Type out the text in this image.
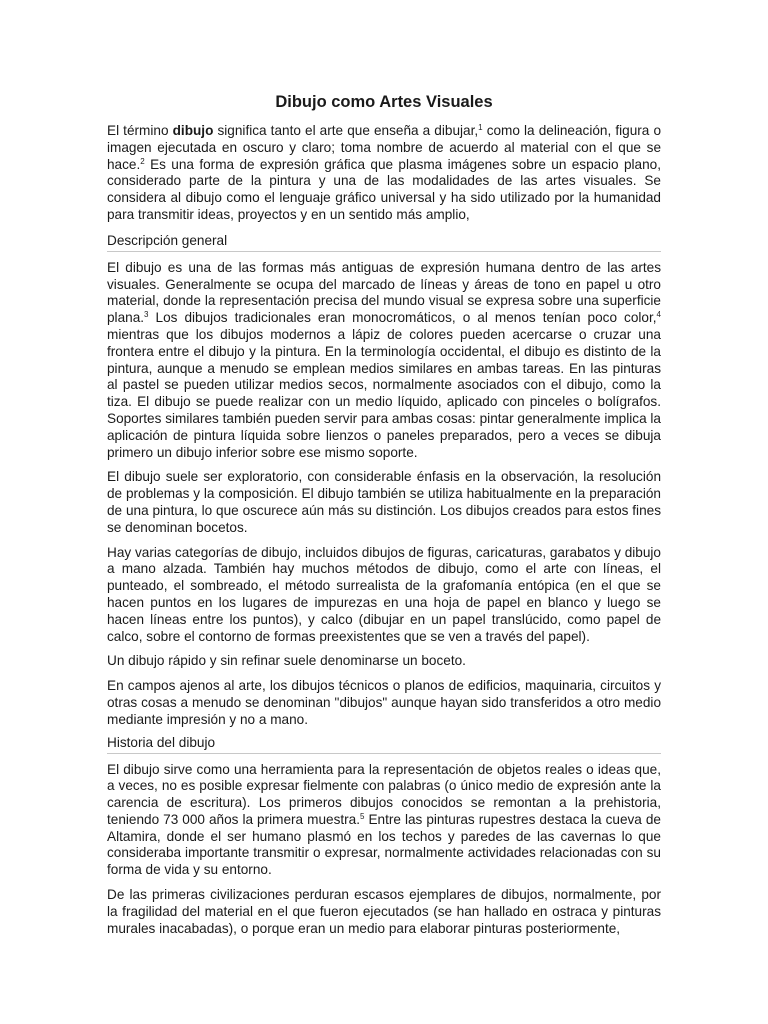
Dibujo como Artes Visuales

El término dibujo significa tanto el arte que enseña a dibujar,$^1$ como la delineación, figura o imagen ejecutada en oscuro y claro; toma nombre de acuerdo al material con el que se hace.$^2$ Es una forma de expresión gráfica que plasma imágenes sobre un espacio plano, considerado parte de la pintura y una de las modalidades de las artes visuales. Se considera al dibujo como el lenguaje gráfico universal y ha sido utilizado por la humanidad para transmitir ideas, proyectos y en un sentido más amplio,

Descripción general

El dibujo es una de las formas más antiguas de expresión humana dentro de las artes visuales. Generalmente se ocupa del marcado de líneas y áreas de tono en papel u otro material, donde la representación precisa del mundo visual se expresa sobre una superficie plana.$^3$ Los dibujos tradicionales eran monocromáticos, o al menos tenían poco color,$^4$ mientras que los dibujos modernos a lápiz de colores pueden acercarse o cruzar una frontera entre el dibujo y la pintura. En la terminología occidental, el dibujo es distinto de la pintura, aunque a menudo se emplean medios similares en ambas tareas. En las pinturas al pastel se pueden utilizar medios secos, normalmente asociados con el dibujo, como la tiza. El dibujo se puede realizar con un medio líquido, aplicado con pinceles o bolígrafos. Soportes similares también pueden servir para ambas cosas: pintar generalmente implica la aplicación de pintura líquida sobre lienzos o paneles preparados, pero a veces se dibuja primero un dibujo inferior sobre ese mismo soporte.

El dibujo suele ser exploratorio, con considerable énfasis en la observación, la resolución de problemas y la composición. El dibujo también se utiliza habitualmente en la preparación de una pintura, lo que oscurece aún más su distinción. Los dibujos creados para estos fines se denominan bocetos.

Hay varias categorías de dibujo, incluidos dibujos de figuras, caricaturas, garabatos y dibujo a mano alzada. También hay muchos métodos de dibujo, como el arte con líneas, el punteado, el sombreado, el método surrealista de la grafomanía entópica (en el que se hacen puntos en los lugares de impurezas en una hoja de papel en blanco y luego se hacen líneas entre los puntos), y calco (dibujar en un papel translúcido, como papel de calco, sobre el contorno de formas preexistentes que se ven a través del papel).

Un dibujo rápido y sin refinar suele denominarse un boceto.

En campos ajenos al arte, los dibujos técnicos o planos de edificios, maquinaria, circuitos y otras cosas a menudo se denominan "dibujos" aunque hayan sido transferidos a otro medio mediante impresión y no a mano.

Historia del dibujo

El dibujo sirve como una herramienta para la representación de objetos reales o ideas que, a veces, no es posible expresar fielmente con palabras (o único medio de expresión ante la carencia de escritura). Los primeros dibujos conocidos se remontan a la prehistoria, teniendo 73 000 años la primera muestra.$^5$ Entre las pinturas rupestres destaca la cueva de Altamira, donde el ser humano plasmó en los techos y paredes de las cavernas lo que consideraba importante transmitir o expresar, normalmente actividades relacionadas con su forma de vida y su entorno.

De las primeras civilizaciones perduran escasos ejemplares de dibujos, normalmente, por la fragilidad del material en el que fueron ejecutados (se han hallado en ostraca y pinturas murales inacabadas), o porque eran un medio para elaborar pinturas posteriormente,
